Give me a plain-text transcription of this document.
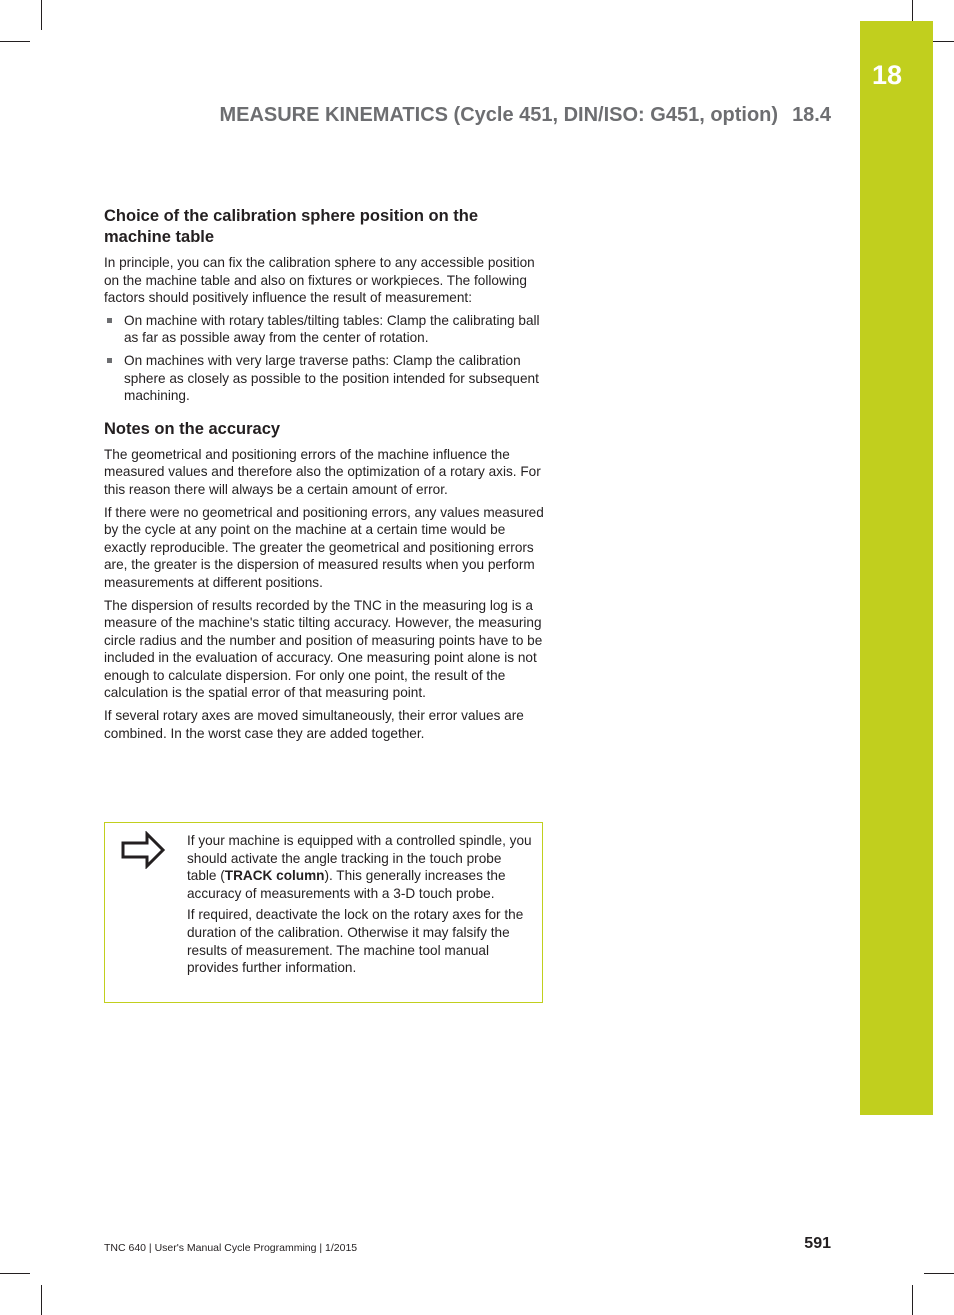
18
MEASURE KINEMATICS (Cycle 451, DIN/ISO: G451, option) 18.4
Choice of the calibration sphere position on the machine table

In principle, you can fix the calibration sphere to any accessible position on the machine table and also on fixtures or workpieces. The following factors should positively influence the result of measurement:

On machine with rotary tables/tilting tables: Clamp the calibrating ball as far as possible away from the center of rotation.
On machines with very large traverse paths: Clamp the calibration sphere as closely as possible to the position intended for subsequent machining.
Notes on the accuracy

The geometrical and positioning errors of the machine influence the measured values and therefore also the optimization of a rotary axis. For this reason there will always be a certain amount of error.

If there were no geometrical and positioning errors, any values measured by the cycle at any point on the machine at a certain time would be exactly reproducible. The greater the geometrical and positioning errors are, the greater is the dispersion of measured results when you perform measurements at different positions.

The dispersion of results recorded by the TNC in the measuring log is a measure of the machine's static tilting accuracy. However, the measuring circle radius and the number and position of measuring points have to be included in the evaluation of accuracy. One measuring point alone is not enough to calculate dispersion. For only one point, the result of the calculation is the spatial error of that measuring point.

If several rotary axes are moved simultaneously, their error values are combined. In the worst case they are added together.

If your machine is equipped with a controlled spindle, you should activate the angle tracking in the touch probe table (TRACK column). This generally increases the accuracy of measurements with a 3-D touch probe.

If required, deactivate the lock on the rotary axes for the duration of the calibration. Otherwise it may falsify the results of measurement. The machine tool manual provides further information.

TNC 640 | User's Manual Cycle Programming | 1/2015	591
